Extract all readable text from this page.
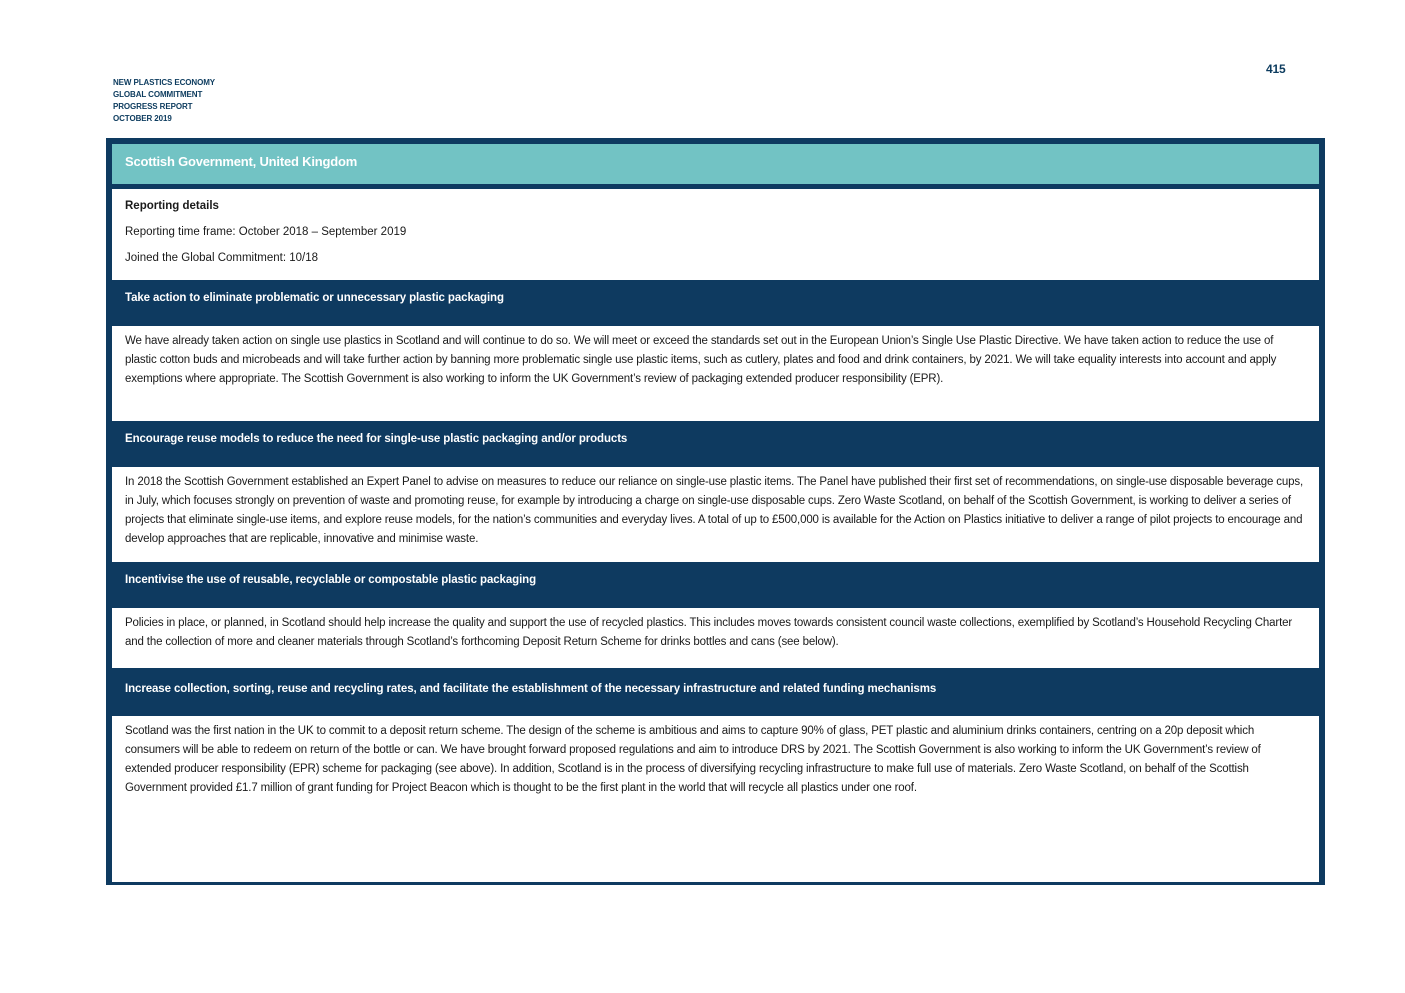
415
NEW PLASTICS ECONOMY
GLOBAL COMMITMENT
PROGRESS REPORT
OCTOBER 2019
Scottish Government, United Kingdom
Reporting details
Reporting time frame: October 2018 – September 2019
Joined the Global Commitment: 10/18
Take action to eliminate problematic or unnecessary plastic packaging
We have already taken action on single use plastics in Scotland and will continue to do so. We will meet or exceed the standards set out in the European Union’s Single Use Plastic Directive. We have taken action to reduce the use of plastic cotton buds and microbeads and will take further action by banning more problematic single use plastic items, such as cutlery, plates and food and drink containers, by 2021. We will take equality interests into account and apply exemptions where appropriate. The Scottish Government is also working to inform the UK Government’s review of packaging extended producer responsibility (EPR).
Encourage reuse models to reduce the need for single-use plastic packaging and/or products
In 2018 the Scottish Government established an Expert Panel to advise on measures to reduce our reliance on single-use plastic items. The Panel have published their first set of recommendations, on single-use disposable beverage cups, in July, which focuses strongly on prevention of waste and promoting reuse, for example by introducing a charge on single-use disposable cups. Zero Waste Scotland, on behalf of the Scottish Government, is working to deliver a series of projects that eliminate single-use items, and explore reuse models, for the nation’s communities and everyday lives. A total of up to £500,000 is available for the Action on Plastics initiative to deliver a range of pilot projects to encourage and develop approaches that are replicable, innovative and minimise waste.
Incentivise the use of reusable, recyclable or compostable plastic packaging
Policies in place, or planned, in Scotland should help increase the quality and support the use of recycled plastics. This includes moves towards consistent council waste collections, exemplified by Scotland’s Household Recycling Charter and the collection of more and cleaner materials through Scotland’s forthcoming Deposit Return Scheme for drinks bottles and cans (see below).
Increase collection, sorting, reuse and recycling rates, and facilitate the establishment of the necessary infrastructure and related funding mechanisms
Scotland was the first nation in the UK to commit to a deposit return scheme. The design of the scheme is ambitious and aims to capture 90% of glass, PET plastic and aluminium drinks containers, centring on a 20p deposit which consumers will be able to redeem on return of the bottle or can. We have brought forward proposed regulations and aim to introduce DRS by 2021. The Scottish Government is also working to inform the UK Government’s review of extended producer responsibility (EPR) scheme for packaging (see above). In addition, Scotland is in the process of diversifying recycling infrastructure to make full use of materials. Zero Waste Scotland, on behalf of the Scottish Government provided £1.7 million of grant funding for Project Beacon which is thought to be the first plant in the world that will recycle all plastics under one roof.
